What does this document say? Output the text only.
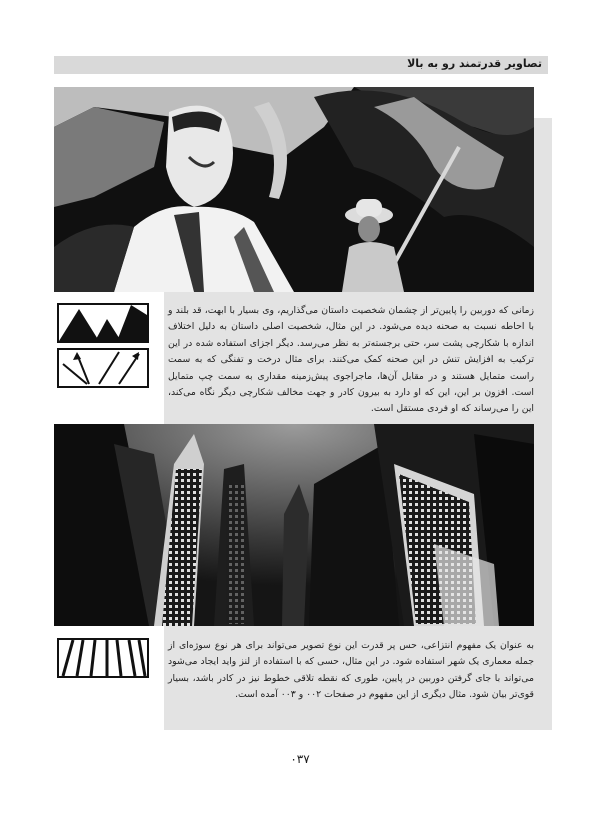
تصاویر قدرتمند رو به بالا
زمانی که دوربین را پایین‌تر از چشمان شخصیت داستان می‌گذاریم، وی بسیار با ابهت، قد بلند و با احاطه نسبت به صحنه دیده می‌شود. در این مثال، شخصیت اصلی داستان به دلیل اختلاف اندازه با شکارچی پشت سر، حتی برجسته‌تر به نظر می‌رسد. دیگر اجزای استفاده شده در این ترکیب به افزایش تنش در این صحنه کمک می‌کنند. برای مثال درخت و تفنگی که به سمت راست متمایل هستند و در مقابل آن‌ها، ماجراجوی پیش‌زمینه مقداری به سمت چپ متمایل است. افزون بر این، این که او دارد به بیرون کادر و جهت مخالف شکارچی دیگر نگاه می‌کند، این را می‌رساند که او فردی مستقل است.
به عنوان یک مفهوم انتزاعی، حس پر قدرت این نوع تصویر می‌تواند برای هر نوع سوژه‌ای از جمله معماری یک شهر استفاده شود. در این مثال، حسی که با استفاده از لنز واید ایجاد می‌شود می‌تواند با جای گرفتن دوربین در پایین، طوری که نقطه تلاقی خطوط نیز در کادر باشد، بسیار قوی‌تر بیان شود. مثال دیگری از این مفهوم در صفحات ۰۰۲ و ۰۰۳ آمده است.
۰۳۷
